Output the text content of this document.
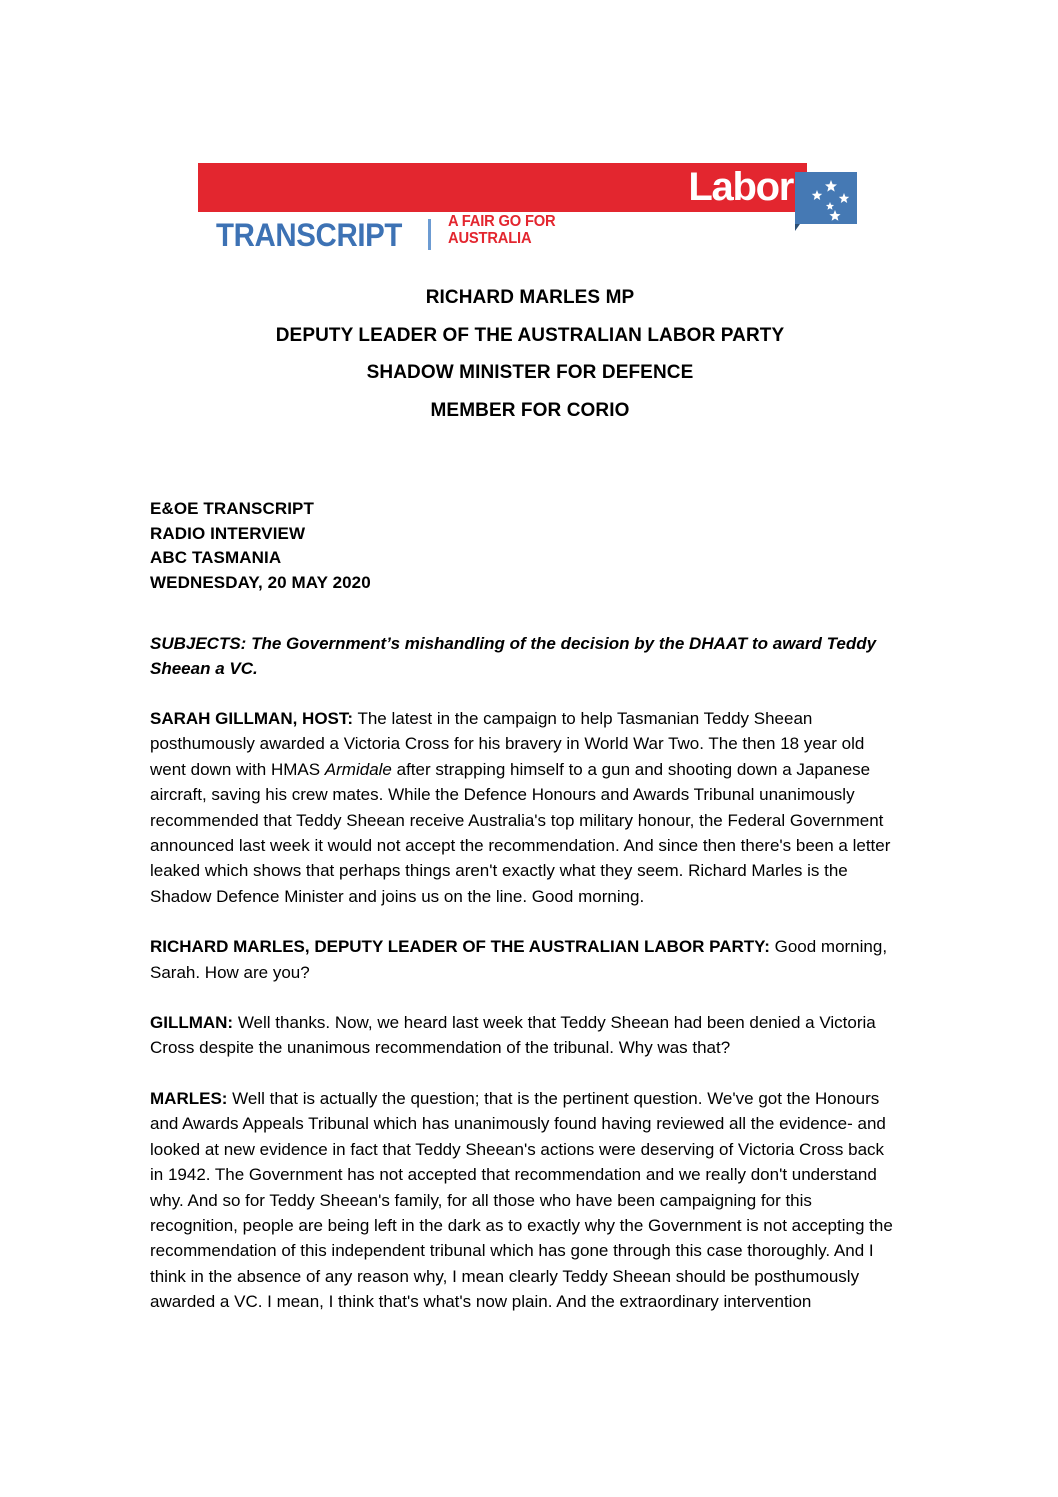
Labor
TRANSCRIPT	A FAIR GO FOR
AUSTRALIA
RICHARD MARLES MP
DEPUTY LEADER OF THE AUSTRALIAN LABOR PARTY
SHADOW MINISTER FOR DEFENCE
MEMBER FOR CORIO
E&OE TRANSCRIPT
RADIO INTERVIEW
ABC TASMANIA
WEDNESDAY, 20 MAY 2020
SUBJECTS: The Government’s mishandling of the decision by the DHAAT to award Teddy Sheean a VC.

SARAH GILLMAN, HOST: The latest in the campaign to help Tasmanian Teddy Sheean posthumously awarded a Victoria Cross for his bravery in World War Two. The then 18 year old went down with HMAS Armidale after strapping himself to a gun and shooting down a Japanese aircraft, saving his crew mates. While the Defence Honours and Awards Tribunal unanimously recommended that Teddy Sheean receive Australia's top military honour, the Federal Government announced last week it would not accept the recommendation. And since then there's been a letter leaked which shows that perhaps things aren't exactly what they seem. Richard Marles is the Shadow Defence Minister and joins us on the line. Good morning.

RICHARD MARLES, DEPUTY LEADER OF THE AUSTRALIAN LABOR PARTY: Good morning, Sarah. How are you?

GILLMAN: Well thanks. Now, we heard last week that Teddy Sheean had been denied a Victoria Cross despite the unanimous recommendation of the tribunal. Why was that?

MARLES: Well that is actually the question; that is the pertinent question. We've got the Honours and Awards Appeals Tribunal which has unanimously found having reviewed all the evidence- and looked at new evidence in fact that Teddy Sheean's actions were deserving of Victoria Cross back in 1942. The Government has not accepted that recommendation and we really don't understand why. And so for Teddy Sheean's family, for all those who have been campaigning for this recognition, people are being left in the dark as to exactly why the Government is not accepting the recommendation of this independent tribunal which has gone through this case thoroughly. And I think in the absence of any reason why, I mean clearly Teddy Sheean should be posthumously awarded a VC. I mean, I think that's what's now plain. And the extraordinary intervention
